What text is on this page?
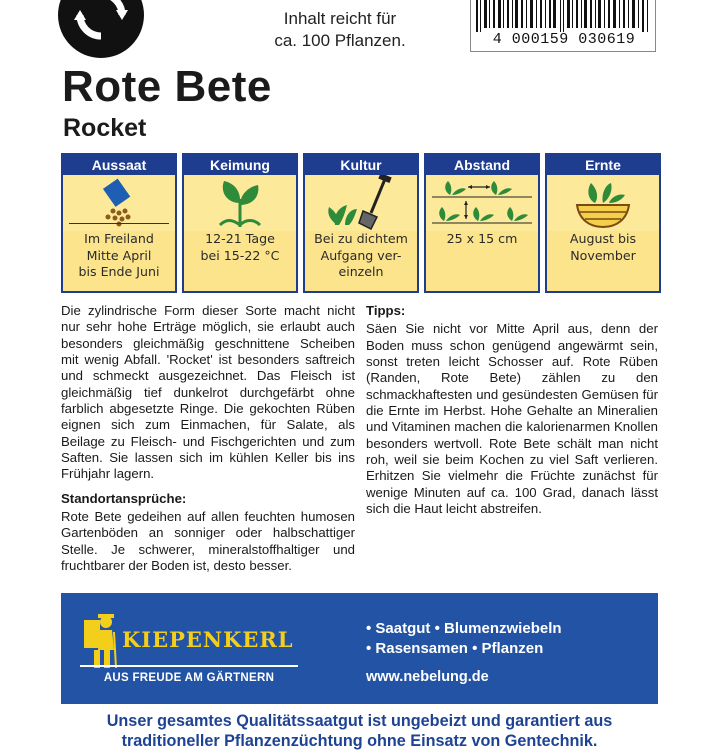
Inhalt reicht für
ca. 100 Pflanzen.	4 000159 030619
Rote Bete
Rocket
Aussaat
Im Freiland
Mitte April
bis Ende Juni
Keimung
12-21 Tage
bei 15-22 °C
Kultur
Bei zu dichtem
Aufgang ver-
einzeln
Abstand
25 x 15 cm
Ernte
August bis
November

Die zylindrische Form dieser Sorte macht nicht nur sehr hohe Erträge möglich, sie erlaubt auch besonders gleichmäßig geschnittene Scheiben mit wenig Abfall. 'Rocket' ist besonders saftreich und schmeckt ausgezeichnet. Das Fleisch ist gleichmäßig tief dunkelrot durchgefärbt ohne farblich abgesetzte Ringe. Die gekochten Rüben eignen sich zum Einmachen, für Salate, als Beilage zu Fleisch- und Fischgerichten und zum Saften. Sie lassen sich im kühlen Keller bis ins Frühjahr lagern.

Standortansprüche:

Rote Bete gedeihen auf allen feuchten humosen Gartenböden an sonniger oder halbschattiger Stelle. Je schwerer, mineralstoffhaltiger und fruchtbarer der Boden ist, desto besser.

Tipps:

Säen Sie nicht vor Mitte April aus, denn der Boden muss schon genügend angewärmt sein, sonst treten leicht Schosser auf. Rote Rüben (Randen, Rote Bete) zählen zu den schmackhaftesten und gesündesten Gemüsen für die Ernte im Herbst. Hohe Gehalte an Mineralien und Vitaminen machen die kalorienarmen Knollen besonders wertvoll. Rote Bete schält man nicht roh, weil sie beim Kochen zu viel Saft verlieren. Erhitzen Sie vielmehr die Früchte zunächst für wenige Minuten auf ca. 100 Grad, danach lässt sich die Haut leicht abstreifen.

KIEPENKERL
AUS FREUDE AM GÄRTNERN
• Saatgut • Blumenzwiebeln
• Rasensamen • Pflanzen
www.nebelung.de
Unser gesamtes Qualitätssaatgut ist ungebeizt und garantiert aus
traditioneller Pflanzenzüchtung ohne Einsatz von Gentechnik.
